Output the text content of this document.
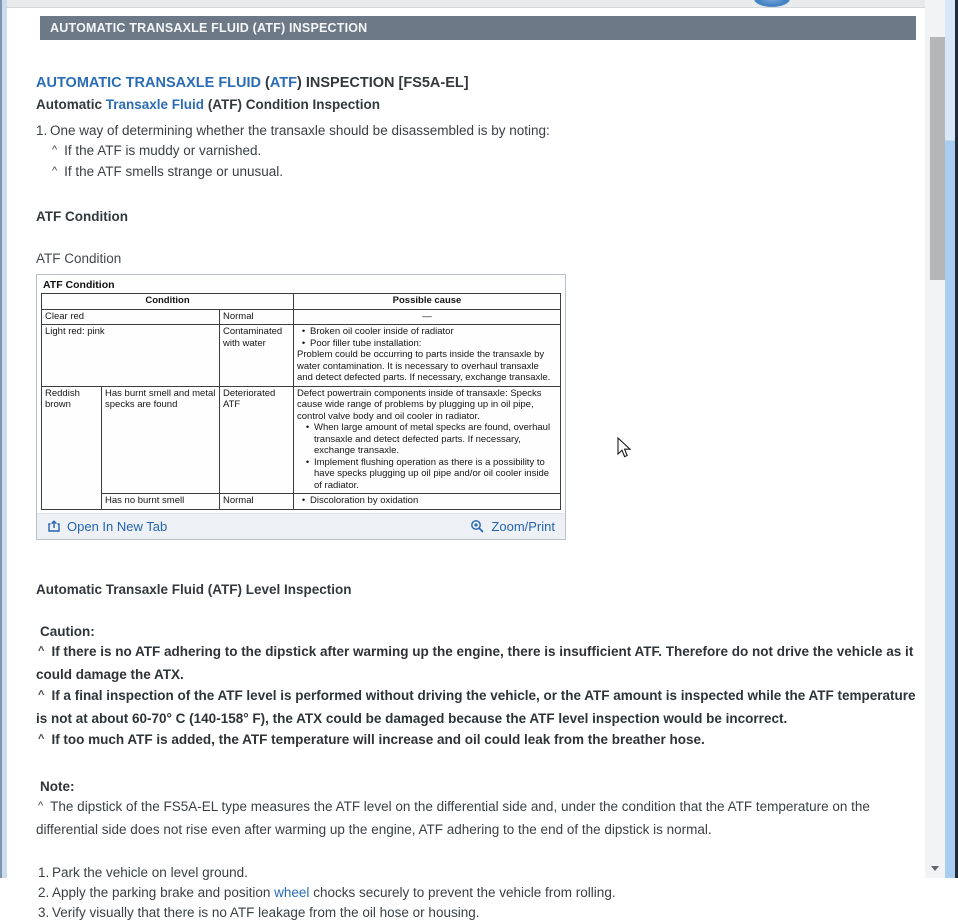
AUTOMATIC TRANSAXLE FLUID (ATF) INSPECTION
AUTOMATIC TRANSAXLE FLUID (ATF) INSPECTION [FS5A-EL]
Automatic Transaxle Fluid (ATF) Condition Inspection
1. One way of determining whether the transaxle should be disassembled is by noting:
^ If the ATF is muddy or varnished.
^ If the ATF smells strange or unusual.
ATF Condition
ATF Condition
ATF Condition
Condition			Possible cause
Clear red		Normal	—
Light red: pink		Contaminated with water	• Broken oil cooler inside of radiator
• Poor filler tube installation:
Problem could be occurring to parts inside the transaxle by water contamination. It is necessary to overhaul transaxle and detect defected parts. If necessary, exchange transaxle.

Reddish brown	Has burnt smell and metal specks are found	Deteriorated ATF	Defect powertrain components inside of transaxle: Specks cause wide range of problems by plugging up in oil pipe, control valve body and oil cooler in radiator.
• When large amount of metal specks are found, overhaul transaxle and detect defected parts. If necessary, exchange transaxle.
• Implement flushing operation as there is a possibility to have specks plugging up oil pipe and/or oil cooler inside of radiator.

	Has no burnt smell	Normal	• Discoloration by oxidation
Open In New Tab	Zoom/Print
Automatic Transaxle Fluid (ATF) Level Inspection
Caution:

^ If there is no ATF adhering to the dipstick after warming up the engine, there is insufficient ATF. Therefore do not drive the vehicle as it could damage the ATX.

^ If a final inspection of the ATF level is performed without driving the vehicle, or the ATF amount is inspected while the ATF temperature is not at about 60-70° C (140-158° F), the ATX could be damaged because the ATF level inspection would be incorrect.

^ If too much ATF is added, the ATF temperature will increase and oil could leak from the breather hose.

Note:
^ The dipstick of the FS5A-EL type measures the ATF level on the differential side and, under the condition that the ATF temperature on the differential side does not rise even after warming up the engine, ATF adhering to the end of the dipstick is normal.
1. Park the vehicle on level ground.
2. Apply the parking brake and position wheel chocks securely to prevent the vehicle from rolling.
3. Verify visually that there is no ATF leakage from the oil hose or housing.
